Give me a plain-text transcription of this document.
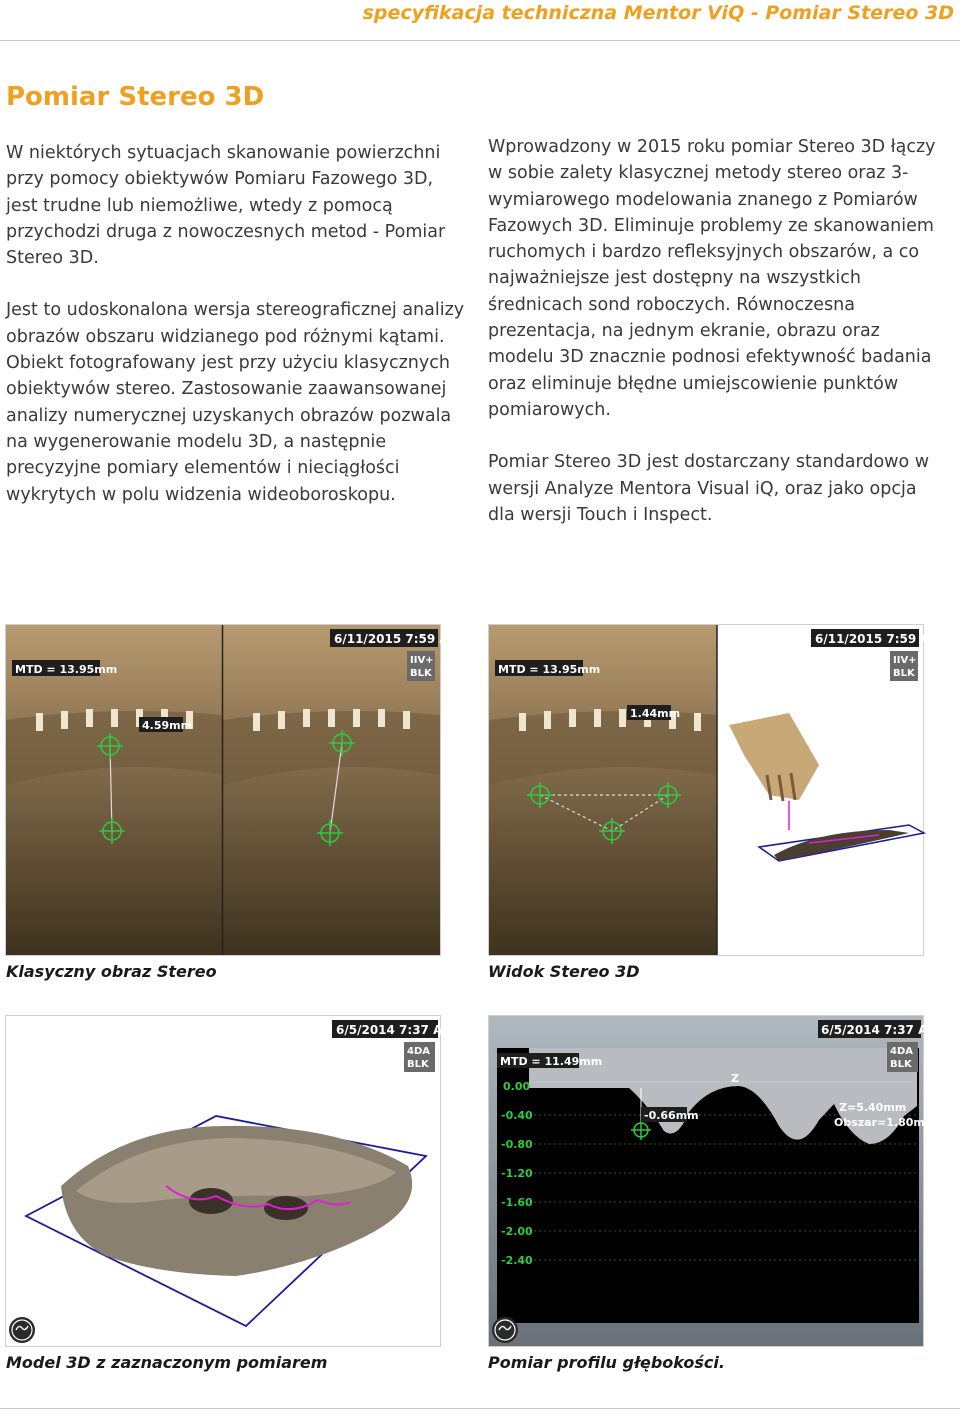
specyfikacja techniczna Mentor ViQ - Pomiar Stereo 3D
Pomiar Stereo 3D

W niektórych sytuacjach skanowanie powierzchni przy pomocy obiektywów Pomiaru Fazowego 3D, jest trudne lub niemożliwe, wtedy z pomocą przychodzi druga z nowoczesnych metod - Pomiar Stereo 3D.

Jest to udoskonalona wersja stereograficznej analizy obrazów obszaru widzianego pod różnymi kątami. Obiekt fotografowany jest przy użyciu klasycznych obiektywów stereo. Zastosowanie zaawansowanej analizy numerycznej uzyskanych obrazów pozwala na wygenerowanie modelu 3D, a następnie precyzyjne pomiary elementów i nieciągłości wykrytych w polu widzenia wideoboroskopu.

Wprowadzony w 2015 roku pomiar Stereo 3D łączy w sobie zalety klasycznej metody stereo oraz 3-wymiarowego modelowania znanego z Pomiarów Fazowych 3D. Eliminuje problemy ze skanowaniem ruchomych i bardzo refleksyjnych obszarów, a co najważniejsze jest dostępny na wszystkich średnicach sond roboczych. Równoczesna prezentacja, na jednym ekranie, obrazu oraz modelu 3D znacznie podnosi efektywność badania oraz eliminuje błędne umiejscowienie punktów pomiarowych.

Pomiar Stereo 3D jest dostarczany standardowo w wersji Analyze Mentora Visual iQ, oraz jako opcja dla wersji Touch i Inspect.

6/11/2015 7:59 AM
MTD = 13.95mm
IIV+
BLK
4.59mm
Klasyczny obraz Stereo
6/11/2015 7:59 AM
MTD = 13.95mm
IIV+
BLK
1.44mm
Widok Stereo 3D
6/5/2014 7:37 AM
4DA
BLK
Model 3D z zaznaczonym pomiarem
0.00
-0.40
-0.80
-1.20
-1.60
-2.00
-2.40
6/5/2014 7:37 AM
MTD = 11.49mm
4DA
BLK
Z
-0.66mm
Z=5.40mm
Obszar=1.80mm²
Pomiar profilu głębokości.
